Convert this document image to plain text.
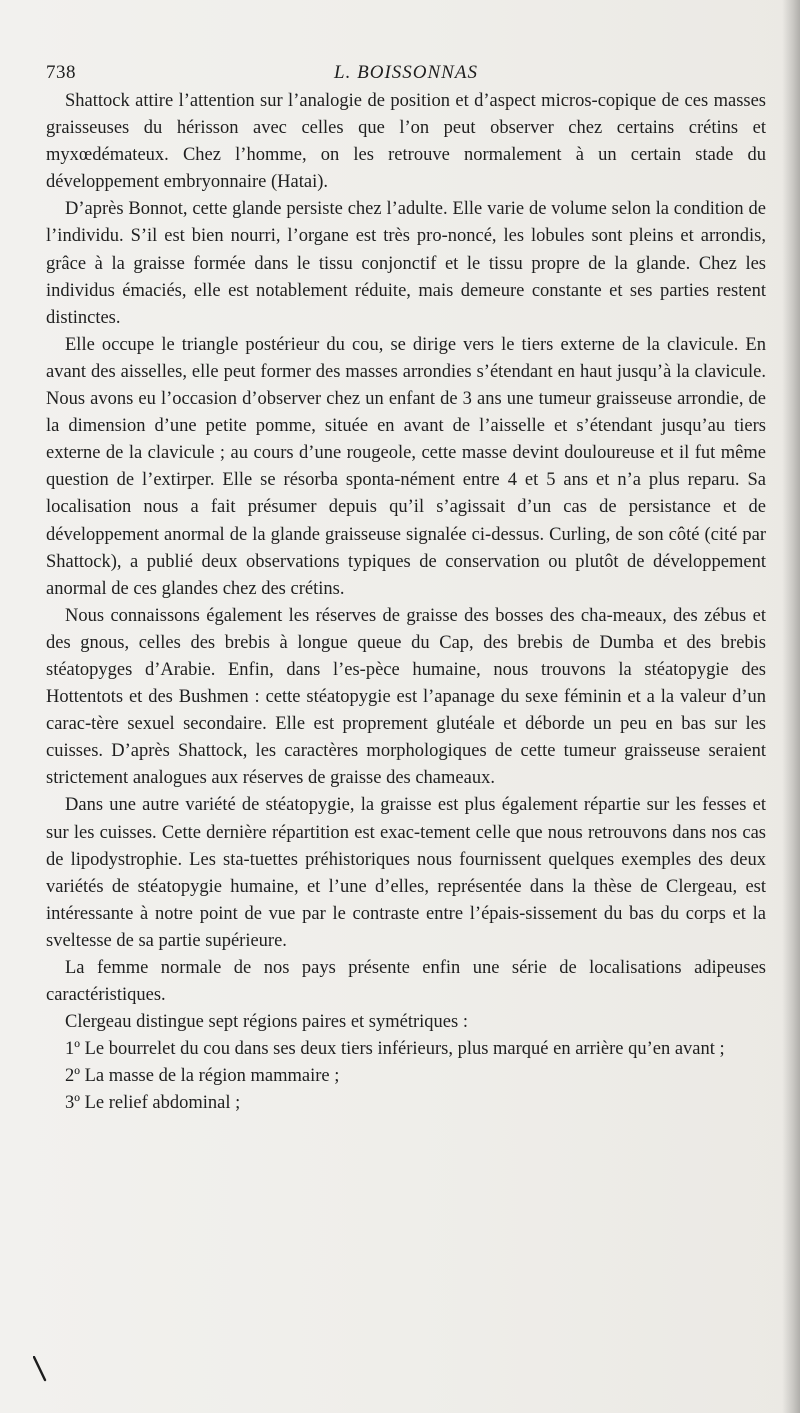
738	L. BOISSONNAS

Shattock attire l’attention sur l’analogie de position et d’aspect micros-copique de ces masses graisseuses du hérisson avec celles que l’on peut observer chez certains crétins et myxœdémateux. Chez l’homme, on les retrouve normalement à un certain stade du développement embryonnaire (Hatai).

D’après Bonnot, cette glande persiste chez l’adulte. Elle varie de volume selon la condition de l’individu. S’il est bien nourri, l’organe est très pro-noncé, les lobules sont pleins et arrondis, grâce à la graisse formée dans le tissu conjonctif et le tissu propre de la glande. Chez les individus émaciés, elle est notablement réduite, mais demeure constante et ses parties restent distinctes.

Elle occupe le triangle postérieur du cou, se dirige vers le tiers externe de la clavicule. En avant des aisselles, elle peut former des masses arrondies s’étendant en haut jusqu’à la clavicule. Nous avons eu l’occasion d’observer chez un enfant de 3 ans une tumeur graisseuse arrondie, de la dimension d’une petite pomme, située en avant de l’aisselle et s’étendant jusqu’au tiers externe de la clavicule ; au cours d’une rougeole, cette masse devint douloureuse et il fut même question de l’extirper. Elle se résorba sponta-nément entre 4 et 5 ans et n’a plus reparu. Sa localisation nous a fait présumer depuis qu’il s’agissait d’un cas de persistance et de développement anormal de la glande graisseuse signalée ci-dessus. Curling, de son côté (cité par Shattock), a publié deux observations typiques de conservation ou plutôt de développement anormal de ces glandes chez des crétins.

Nous connaissons également les réserves de graisse des bosses des cha-meaux, des zébus et des gnous, celles des brebis à longue queue du Cap, des brebis de Dumba et des brebis stéatopyges d’Arabie. Enfin, dans l’es-pèce humaine, nous trouvons la stéatopygie des Hottentots et des Bushmen : cette stéatopygie est l’apanage du sexe féminin et a la valeur d’un carac-tère sexuel secondaire. Elle est proprement glutéale et déborde un peu en bas sur les cuisses. D’après Shattock, les caractères morphologiques de cette tumeur graisseuse seraient strictement analogues aux réserves de graisse des chameaux.

Dans une autre variété de stéatopygie, la graisse est plus également répartie sur les fesses et sur les cuisses. Cette dernière répartition est exac-tement celle que nous retrouvons dans nos cas de lipodystrophie. Les sta-tuettes préhistoriques nous fournissent quelques exemples des deux variétés de stéatopygie humaine, et l’une d’elles, représentée dans la thèse de Clergeau, est intéressante à notre point de vue par le contraste entre l’épais-sissement du bas du corps et la sveltesse de sa partie supérieure.

La femme normale de nos pays présente enfin une série de localisations adipeuses caractéristiques.

Clergeau distingue sept régions paires et symétriques :

1º Le bourrelet du cou dans ses deux tiers inférieurs, plus marqué en arrière qu’en avant ;

2º La masse de la région mammaire ;

3º Le relief abdominal ;
